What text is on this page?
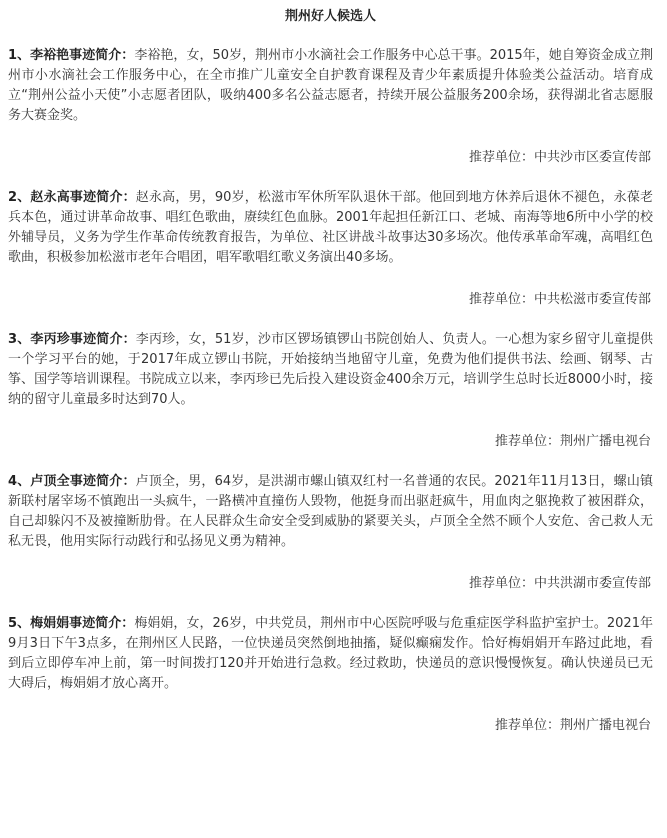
荆州好人候选人

1、李裕艳事迹简介：李裕艳，女，50岁，荆州市小水滴社会工作服务中心总干事。2015年，她自筹资金成立荆州市小水滴社会工作服务中心，在全市推广儿童安全自护教育课程及青少年素质提升体验类公益活动。培育成立“荆州公益小天使”小志愿者团队，吸纳400多名公益志愿者，持续开展公益服务200余场，获得湖北省志愿服务大赛金奖。

推荐单位：中共沙市区委宣传部

2、赵永高事迹简介：赵永高，男，90岁，松滋市军休所军队退休干部。他回到地方休养后退休不褪色，永葆老兵本色，通过讲革命故事、唱红色歌曲，赓续红色血脉。2001年起担任新江口、老城、南海等地6所中小学的校外辅导员，义务为学生作革命传统教育报告，为单位、社区讲战斗故事达30多场次。他传承革命军魂，高唱红色歌曲，积极参加松滋市老年合唱团，唱军歌唱红歌义务演出40多场。

推荐单位：中共松滋市委宣传部

3、李丙珍事迹简介：李丙珍，女，51岁，沙市区锣场镇锣山书院创始人、负责人。一心想为家乡留守儿童提供一个学习平台的她，于2017年成立锣山书院，开始接纳当地留守儿童，免费为他们提供书法、绘画、钢琴、古筝、国学等培训课程。书院成立以来，李丙珍已先后投入建设资金400余万元，培训学生总时长近8000小时，接纳的留守儿童最多时达到70人。

推荐单位：荆州广播电视台

4、卢顶全事迹简介：卢顶全，男，64岁，是洪湖市螺山镇双红村一名普通的农民。2021年11月13日，螺山镇新联村屠宰场不慎跑出一头疯牛，一路横冲直撞伤人毁物，他挺身而出驱赶疯牛，用血肉之躯挽救了被困群众，自己却躲闪不及被撞断肋骨。在人民群众生命安全受到威胁的紧要关头，卢顶全全然不顾个人安危、舍己救人无私无畏，他用实际行动践行和弘扬见义勇为精神。

推荐单位：中共洪湖市委宣传部

5、梅娟娟事迹简介：梅娟娟，女，26岁，中共党员，荆州市中心医院呼吸与危重症医学科监护室护士。2021年9月3日下午3点多，在荆州区人民路，一位快递员突然倒地抽搐，疑似癫痫发作。恰好梅娟娟开车路过此地，看到后立即停车冲上前，第一时间拨打120并开始进行急救。经过救助，快递员的意识慢慢恢复。确认快递员已无大碍后，梅娟娟才放心离开。

推荐单位：荆州广播电视台
